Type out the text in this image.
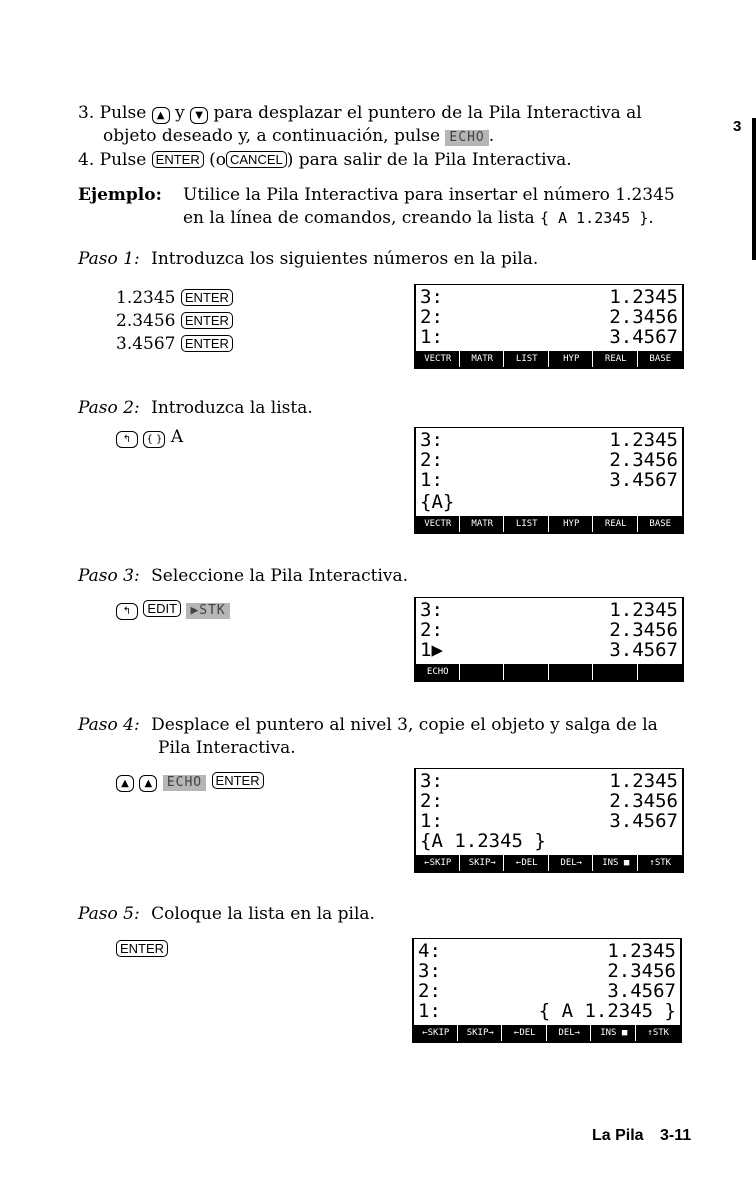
3
3. Pulse ▲ y ▼ para desplazar el puntero de la Pila Interactiva al
objeto deseado y, a continuación, pulse ECHO .
4. Pulse ENTER (o CANCEL ) para salir de la Pila Interactiva.
Ejemplo: Utilice la Pila Interactiva para insertar el número 1.2345
en la línea de comandos, creando la lista { A 1.2345 }.
Paso 1: Introduzca los siguientes números en la pila.
1.2345 ENTER
2.3456 ENTER
3.4567 ENTER
3:	1.2345
2:	2.3456
1:	3.4567
VECTR	MATR	LIST	HYP	REAL	BASE
Paso 2: Introduzca la lista.
↰ { } A	3:	1.2345
2:	2.3456
1:	3.4567
{A}
VECTR	MATR	LIST	HYP	REAL	BASE
Paso 3: Seleccione la Pila Interactiva.
↰ EDIT ▶STK	3:	1.2345
2:	2.3456
1▶	3.4567
ECHO
Paso 4: Desplace el puntero al nivel 3, copie el objeto y salga de la
Pila Interactiva.
▲ ▲ ECHO ENTER	3:	1.2345
2:	2.3456
1:	3.4567
{A 1.2345 }
←SKIP	SKIP→	←DEL	DEL→	INS ■	↑STK
Paso 5: Coloque la lista en la pila.
ENTER	4:	1.2345
3:	2.3456
2:	3.4567
1:	{ A 1.2345 }
←SKIP	SKIP→	←DEL	DEL→	INS ■	↑STK
La Pila 3-11
